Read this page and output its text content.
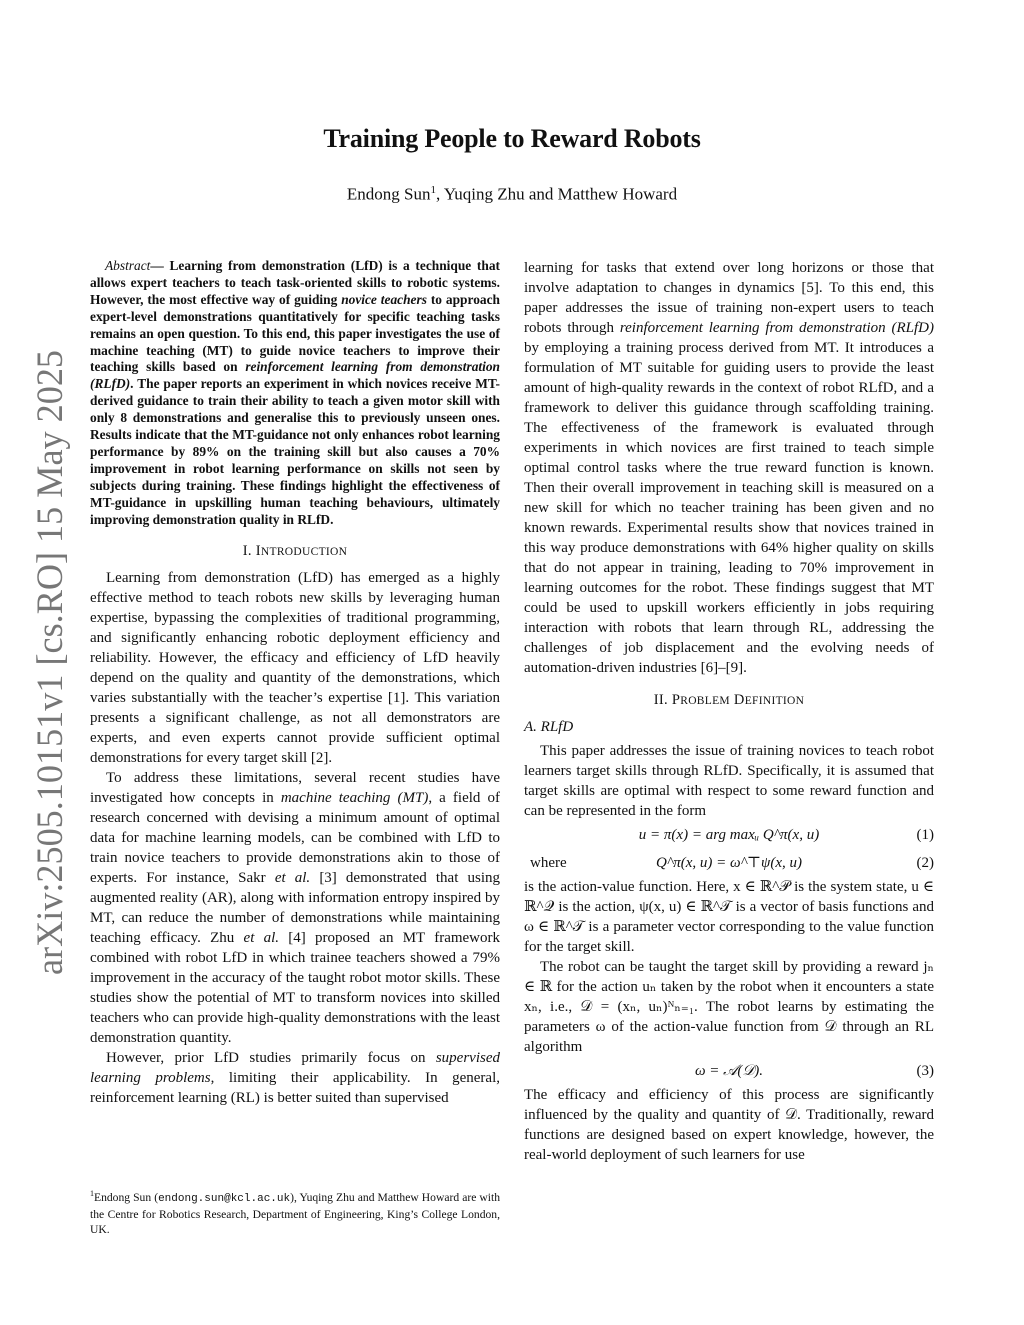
arXiv:2505.10151v1 [cs.RO] 15 May 2025
Training People to Reward Robots
Endong Sun$^1$, Yuqing Zhu and Matthew Howard

Abstract— Learning from demonstration (LfD) is a technique that allows expert teachers to teach task-oriented skills to robotic systems. However, the most effective way of guiding novice teachers to approach expert-level demonstrations quantitatively for specific teaching tasks remains an open question. To this end, this paper investigates the use of machine teaching (MT) to guide novice teachers to improve their teaching skills based on reinforcement learning from demonstration (RLfD). The paper reports an experiment in which novices receive MT-derived guidance to train their ability to teach a given motor skill with only 8 demonstrations and generalise this to previously unseen ones. Results indicate that the MT-guidance not only enhances robot learning performance by 89% on the training skill but also causes a 70% improvement in robot learning performance on skills not seen by subjects during training. These findings highlight the effectiveness of MT-guidance in upskilling human teaching behaviours, ultimately improving demonstration quality in RLfD.

I. INTRODUCTION

Learning from demonstration (LfD) has emerged as a highly effective method to teach robots new skills by leveraging human expertise, bypassing the complexities of traditional programming, and significantly enhancing robotic deployment efficiency and reliability. However, the efficacy and efficiency of LfD heavily depend on the quality and quantity of the demonstrations, which varies substantially with the teacher’s expertise [1]. This variation presents a significant challenge, as not all demonstrators are experts, and even experts cannot provide sufficient optimal demonstrations for every target skill [2].

To address these limitations, several recent studies have investigated how concepts in machine teaching (MT), a field of research concerned with devising a minimum amount of optimal data for machine learning models, can be combined with LfD to train novice teachers to provide demonstrations akin to those of experts. For instance, Sakr et al. [3] demonstrated that using augmented reality (AR), along with information entropy inspired by MT, can reduce the number of demonstrations while maintaining teaching efficacy. Zhu et al. [4] proposed an MT framework combined with robot LfD in which trainee teachers showed a 79% improvement in the accuracy of the taught robot motor skills. These studies show the potential of MT to transform novices into skilled teachers who can provide high-quality demonstrations with the least demonstration quantity.

However, prior LfD studies primarily focus on supervised learning problems, limiting their applicability. In general, reinforcement learning (RL) is better suited than supervised

$^1$Endong Sun (endong.sun@kcl.ac.uk), Yuqing Zhu and Matthew Howard are with the Centre for Robotics Research, Department of Engineering, King’s College London, UK.

learning for tasks that extend over long horizons or those that involve adaptation to changes in dynamics [5]. To this end, this paper addresses the issue of training non-expert users to teach robots through reinforcement learning from demonstration (RLfD) by employing a training process derived from MT. It introduces a formulation of MT suitable for guiding users to provide the least amount of high-quality rewards in the context of robot RLfD, and a framework to deliver this guidance through scaffolding training. The effectiveness of the framework is evaluated through experiments in which novices are first trained to teach simple optimal control tasks where the true reward function is known. Then their overall improvement in teaching skill is measured on a new skill for which no teacher training has been given and no known rewards. Experimental results show that novices trained in this way produce demonstrations with 64% higher quality on skills that do not appear in training, leading to 70% improvement in learning outcomes for the robot. These findings suggest that MT could be used to upskill workers efficiently in jobs requiring interaction with robots that learn through RL, addressing the challenges of job displacement and the evolving needs of automation-driven industries [6]–[9].

II. PROBLEM DEFINITION
A. RLfD

This paper addresses the issue of training novices to teach robot learners target skills through RLfD. Specifically, it is assumed that target skills are optimal with respect to some reward function and can be represented in the form

u = π(x) = arg maxᵤ Q^π(x, u)	(1)
where	Q^π(x, u) = ω^⊤ψ(x, u)	(2)

is the action-value function. Here, x ∈ ℝ^𝒫 is the system state, u ∈ ℝ^𝒬 is the action, ψ(x, u) ∈ ℝ^𝒯 is a vector of basis functions and ω ∈ ℝ^𝒯 is a parameter vector corresponding to the value function for the target skill.

The robot can be taught the target skill by providing a reward jₙ ∈ ℝ for the action uₙ taken by the robot when it encounters a state xₙ, i.e., 𝒟 = (xₙ, uₙ)ᴺₙ₌₁. The robot learns by estimating the parameters ω of the action-value function from 𝒟 through an RL algorithm

ω = 𝒜(𝒟).	(3)

The efficacy and efficiency of this process are significantly influenced by the quality and quantity of 𝒟. Traditionally, reward functions are designed based on expert knowledge, however, the real-world deployment of such learners for use
